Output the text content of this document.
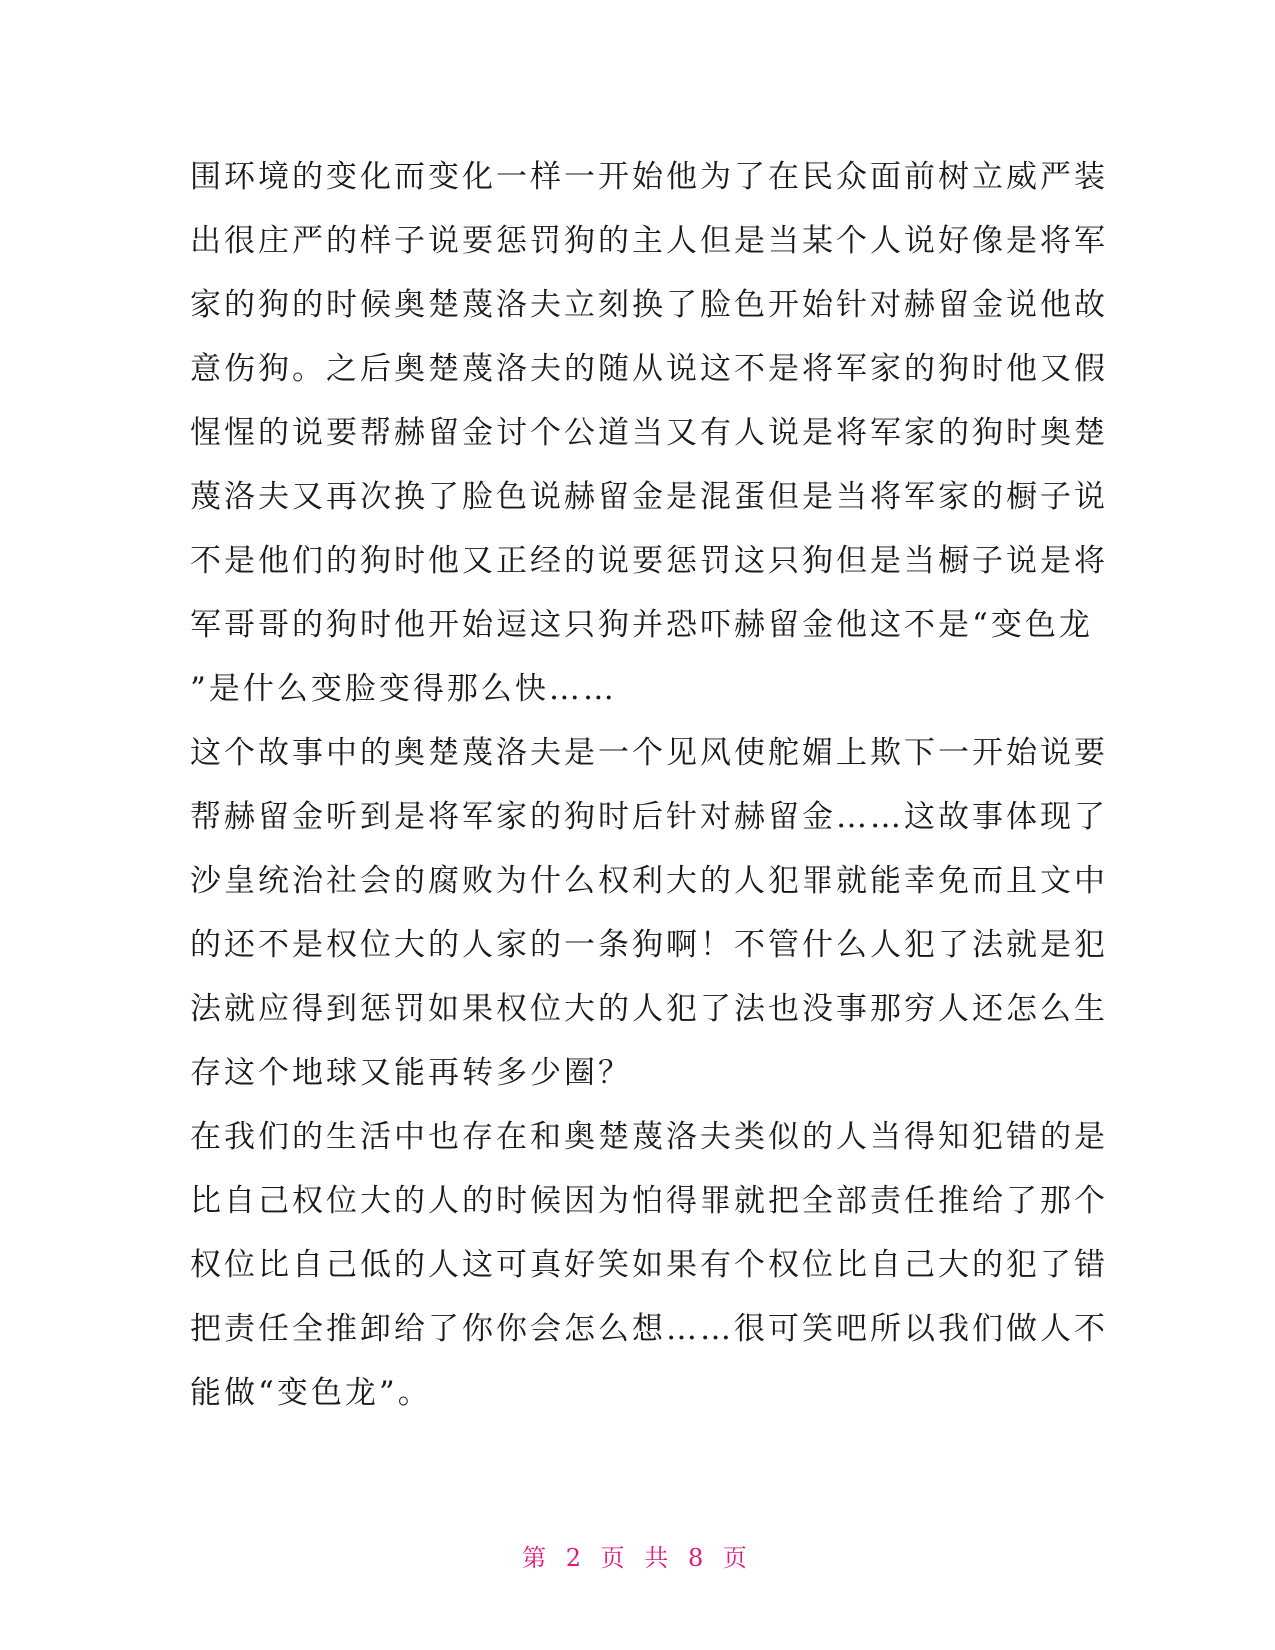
围环境的变化而变化一样一开始他为了在民众面前树立威严装
出很庄严的样子说要惩罚狗的主人但是当某个人说好像是将军
家的狗的时候奥楚蔑洛夫立刻换了脸色开始针对赫留金说他故
意伤狗。之后奥楚蔑洛夫的随从说这不是将军家的狗时他又假
惺惺的说要帮赫留金讨个公道当又有人说是将军家的狗时奥楚
蔑洛夫又再次换了脸色说赫留金是混蛋但是当将军家的橱子说
不是他们的狗时他又正经的说要惩罚这只狗但是当橱子说是将
军哥哥的狗时他开始逗这只狗并恐吓赫留金他这不是“变色龙
”是什么变脸变得那么快……
这个故事中的奥楚蔑洛夫是一个见风使舵媚上欺下一开始说要
帮赫留金听到是将军家的狗时后针对赫留金……这故事体现了
沙皇统治社会的腐败为什么权利大的人犯罪就能幸免而且文中
的还不是权位大的人家的一条狗啊！不管什么人犯了法就是犯
法就应得到惩罚如果权位大的人犯了法也没事那穷人还怎么生
存这个地球又能再转多少圈？
在我们的生活中也存在和奥楚蔑洛夫类似的人当得知犯错的是
比自己权位大的人的时候因为怕得罪就把全部责任推给了那个
权位比自己低的人这可真好笑如果有个权位比自己大的犯了错
把责任全推卸给了你你会怎么想……很可笑吧所以我们做人不
能做“变色龙”。
第 2 页 共 8 页
